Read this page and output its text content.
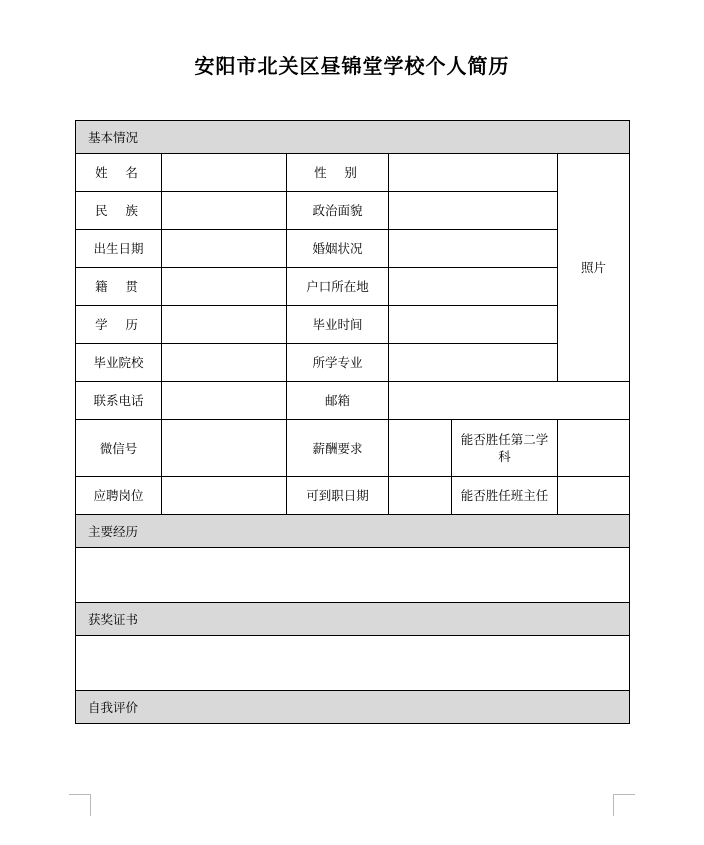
安阳市北关区昼锦堂学校个人简历
基本情况					
姓 名		性 别			照片
民 族		政治面貌			
出生日期		婚姻状况			
籍 贯		户口所在地			
学 历		毕业时间			
毕业院校		所学专业			
联系电话		邮箱			
微信号		薪酬要求		能否胜任第二学科	
应聘岗位		可到职日期		能否胜任班主任	
主要经历					

获奖证书					

自我评价					
